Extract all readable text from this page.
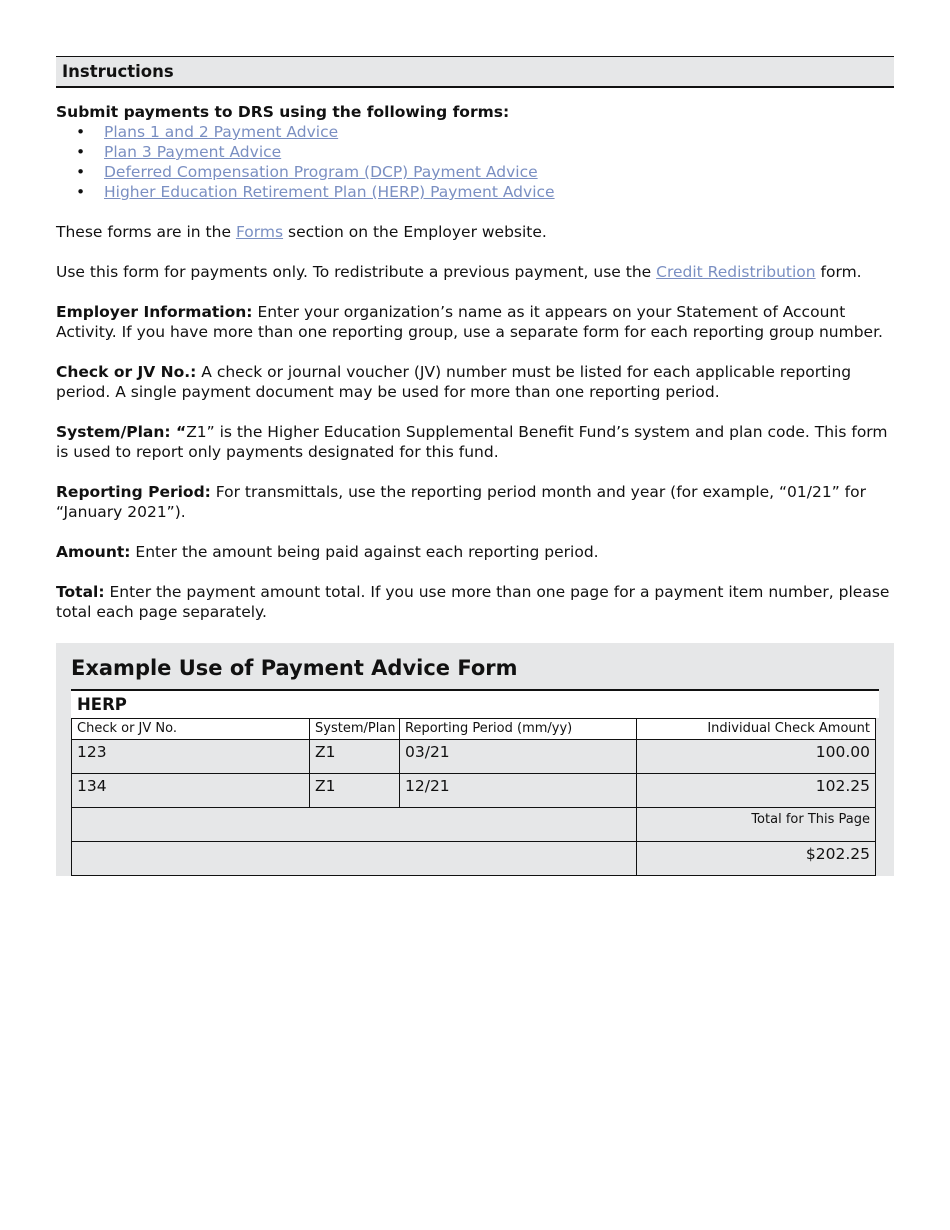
Instructions
Submit payments to DRS using the following forms:
• Plans 1 and 2 Payment Advice
• Plan 3 Payment Advice
• Deferred Compensation Program (DCP) Payment Advice
• Higher Education Retirement Plan (HERP) Payment Advice

These forms are in the Forms section on the Employer website.

Use this form for payments only. To redistribute a previous payment, use the Credit Redistribution form.

Employer Information: Enter your organization’s name as it appears on your Statement of Account Activity. If you have more than one reporting group, use a separate form for each reporting group number.

Check or JV No.: A check or journal voucher (JV) number must be listed for each applicable reporting period. A single payment document may be used for more than one reporting period.

System/Plan: “Z1” is the Higher Education Supplemental Benefit Fund’s system and plan code. This form is used to report only payments designated for this fund.

Reporting Period: For transmittals, use the reporting period month and year (for example, “01/21” for “January 2021”).

Amount: Enter the amount being paid against each reporting period.

Total: Enter the payment amount total. If you use more than one page for a payment item number, please total each page separately.

Example Use of Payment Advice Form
HERP
Check or JV No.	System/Plan	Reporting Period (mm/yy)	Individual Check Amount
123	Z1	03/21	100.00
134	Z1	12/21	102.25
			Total for This Page
			$202.25
